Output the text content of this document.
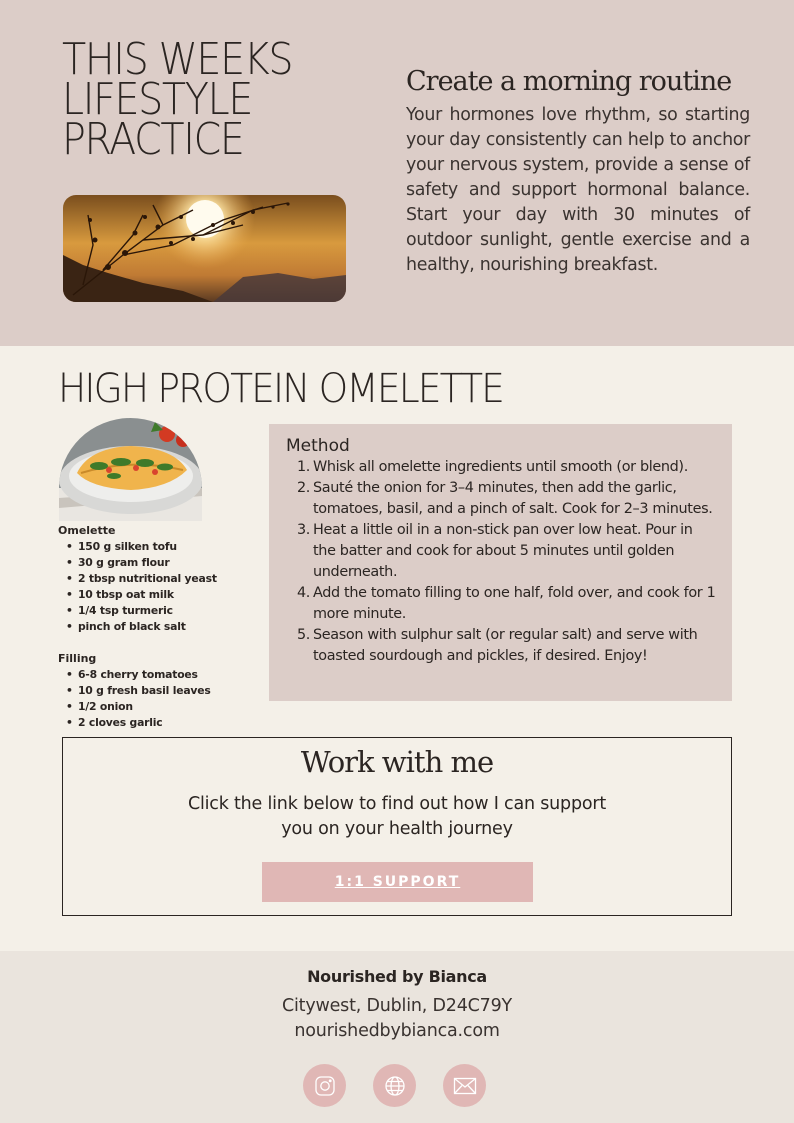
THIS WEEKS
LIFESTYLE
PRACTICE
Create a morning routine
Your hormones love rhythm, so starting your day consistently can help to anchor your nervous system, provide a sense of safety and support hormonal balance. Start your day with 30 minutes of outdoor sunlight, gentle exercise and a healthy, nourishing breakfast.
HIGH PROTEIN OMELETTE
Omelette
• 150 g silken tofu
• 30 g gram flour
• 2 tbsp nutritional yeast
• 10 tbsp oat milk
• 1/4 tsp turmeric
• pinch of black salt
Filling
• 6-8 cherry tomatoes
• 10 g fresh basil leaves
• 1/2 onion
• 2 cloves garlic
Method
1. Whisk all omelette ingredients until smooth (or blend).
2. Sauté the onion for 3–4 minutes, then add the garlic, tomatoes, basil, and a pinch of salt. Cook for 2–3 minutes.
3. Heat a little oil in a non-stick pan over low heat. Pour in the batter and cook for about 5 minutes until golden underneath.
4. Add the tomato filling to one half, fold over, and cook for 1 more minute.
5. Season with sulphur salt (or regular salt) and serve with toasted sourdough and pickles, if desired. Enjoy!
Work with me
Click the link below to find out how I can support you on your health journey
1:1 SUPPORT
Nourished by Bianca
Citywest, Dublin, D24C79Y
nourishedbybianca.com
